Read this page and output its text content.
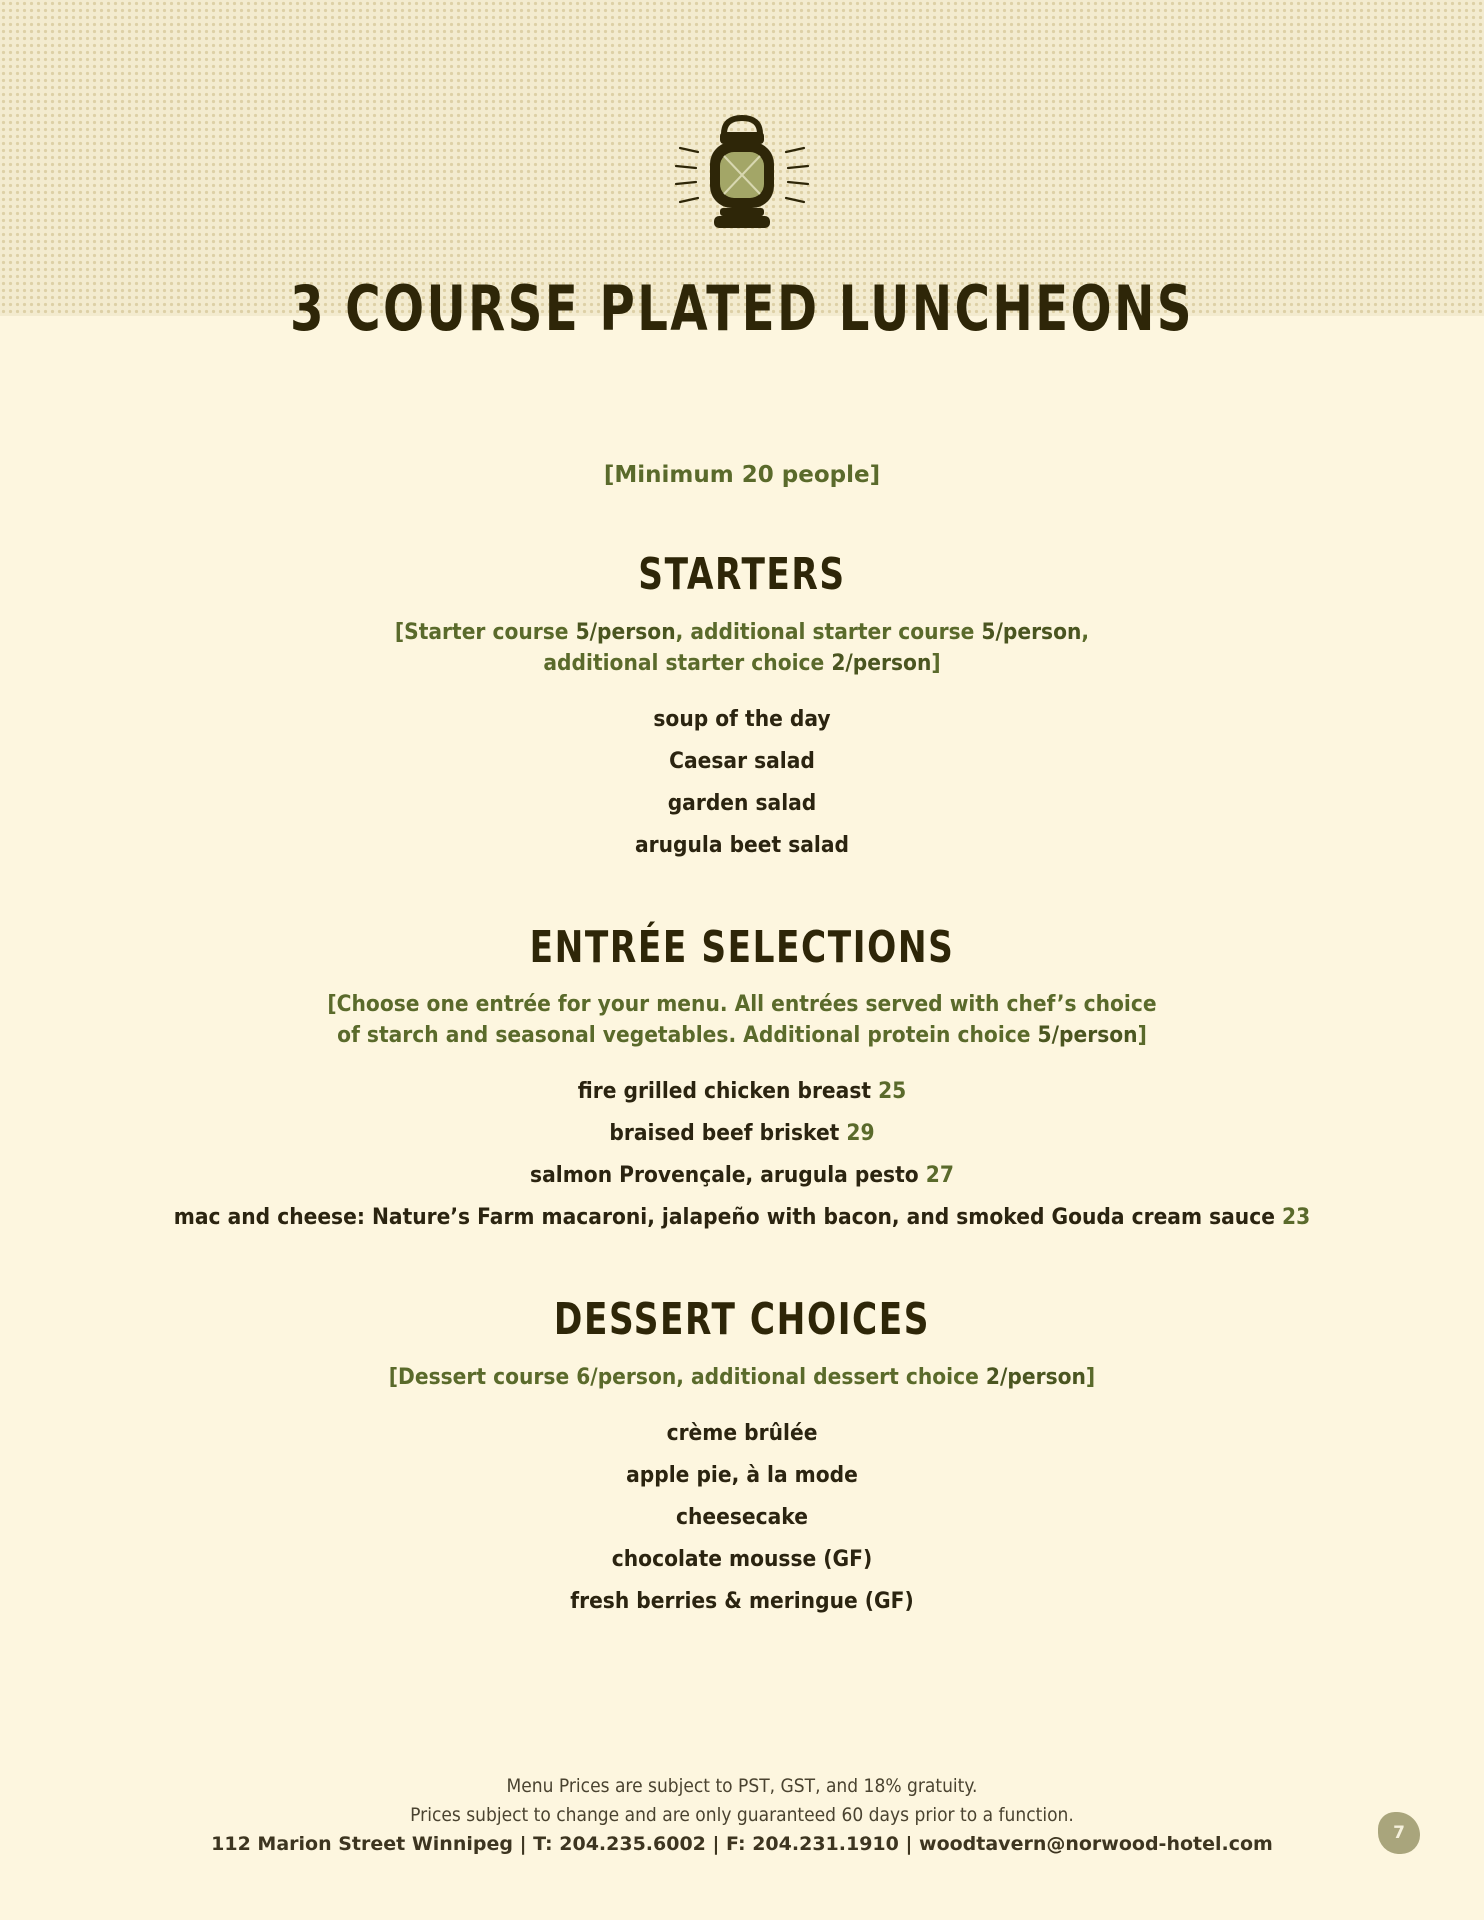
3 COURSE PLATED LUNCHEONS

[Minimum 20 people]

STARTERS

[Starter course 5/person, additional starter course 5/person,
additional starter choice 2/person]

soup of the day
Caesar salad
garden salad
arugula beet salad
ENTRÉE SELECTIONS

[Choose one entrée for your menu. All entrées served with chef’s choice
of starch and seasonal vegetables. Additional protein choice 5/person]

fire grilled chicken breast 25
braised beef brisket 29
salmon Provençale, arugula pesto 27
mac and cheese: Nature’s Farm macaroni, jalapeño with bacon, and smoked Gouda cream sauce 23
DESSERT CHOICES

[Dessert course 6/person, additional dessert choice 2/person]

crème brûlée
apple pie, à la mode
cheesecake
chocolate mousse (GF)
fresh berries & meringue (GF)
Menu Prices are subject to PST, GST, and 18% gratuity.
Prices subject to change and are only guaranteed 60 days prior to a function.
112 Marion Street Winnipeg | T: 204.235.6002 | F: 204.231.1910 | woodtavern@norwood-hotel.com	7
